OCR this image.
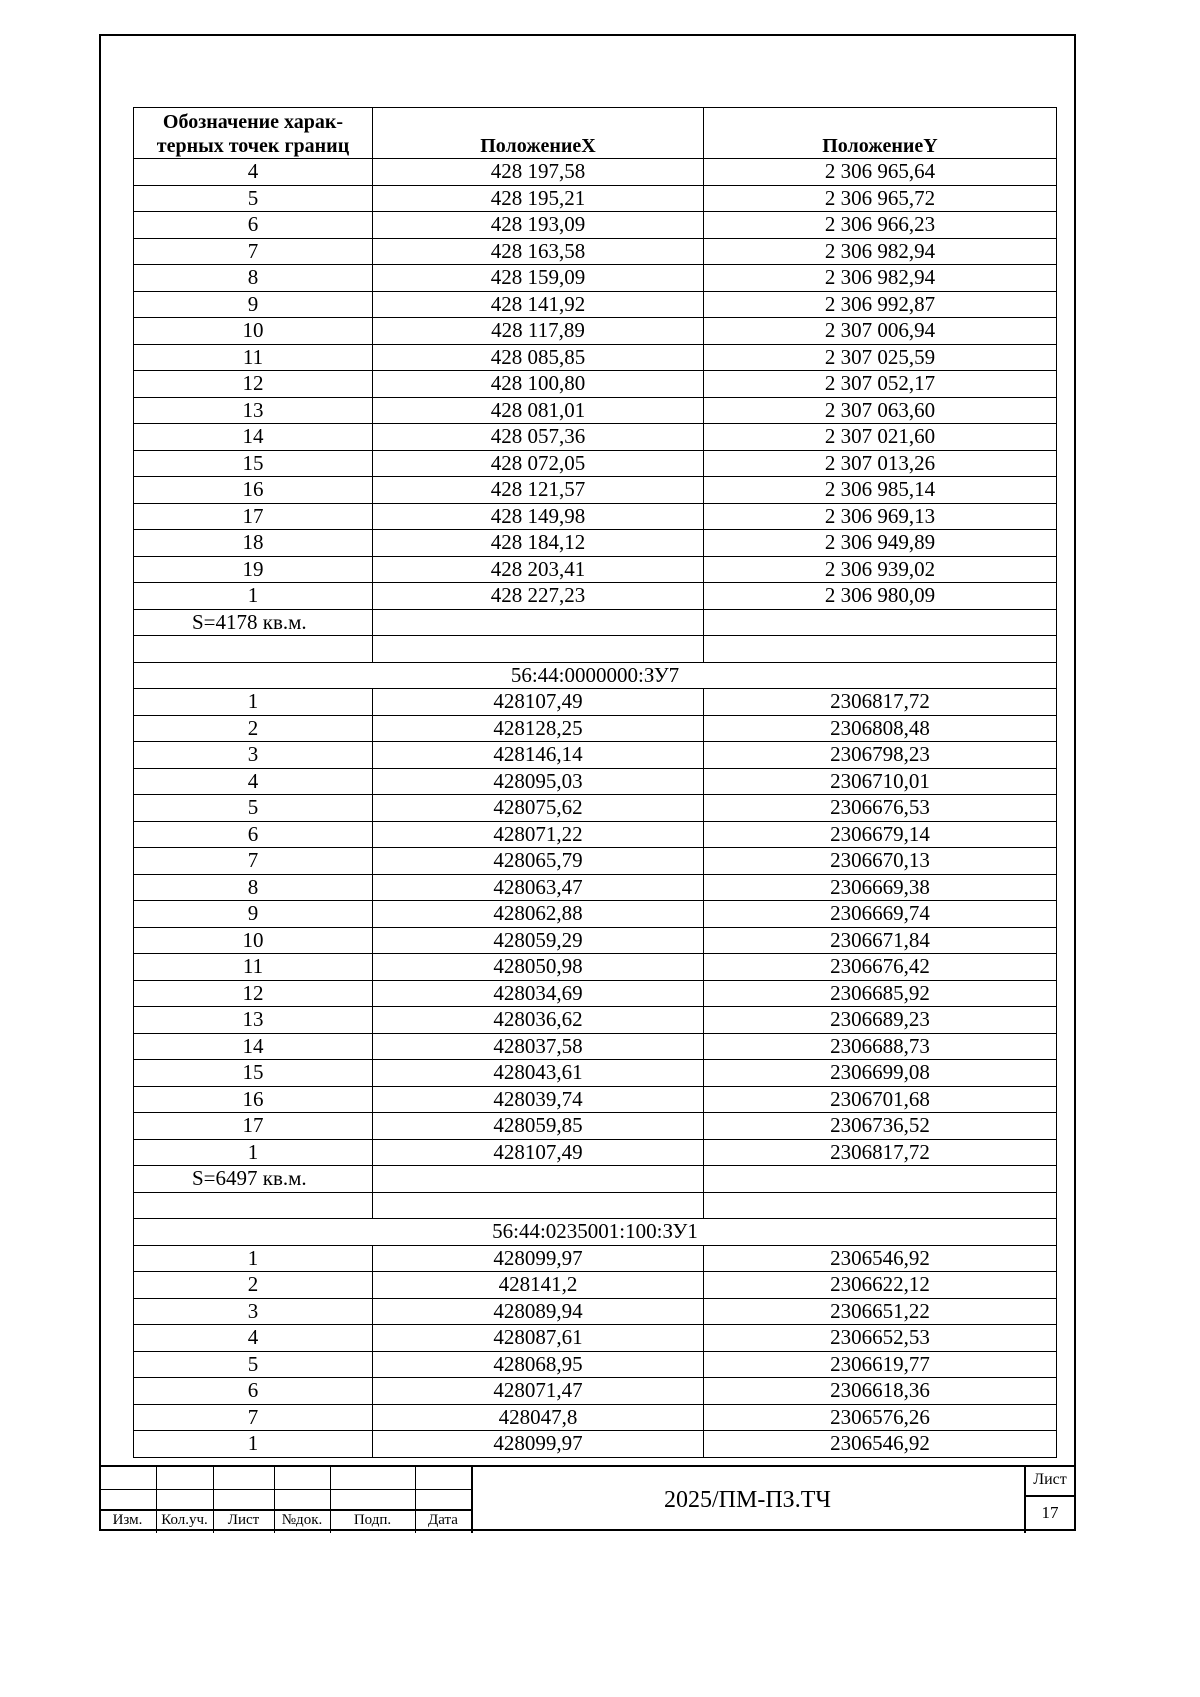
Обозначение харак-терных точек границ	ПоложениеX	ПоложениеY
4	428 197,58	2 306 965,64
5	428 195,21	2 306 965,72
6	428 193,09	2 306 966,23
7	428 163,58	2 306 982,94
8	428 159,09	2 306 982,94
9	428 141,92	2 306 992,87
10	428 117,89	2 307 006,94
11	428 085,85	2 307 025,59
12	428 100,80	2 307 052,17
13	428 081,01	2 307 063,60
14	428 057,36	2 307 021,60
15	428 072,05	2 307 013,26
16	428 121,57	2 306 985,14
17	428 149,98	2 306 969,13
18	428 184,12	2 306 949,89
19	428 203,41	2 306 939,02
1	428 227,23	2 306 980,09
S=4178 кв.м.		

56:44:0000000:ЗУ7		
1	428107,49	2306817,72
2	428128,25	2306808,48
3	428146,14	2306798,23
4	428095,03	2306710,01
5	428075,62	2306676,53
6	428071,22	2306679,14
7	428065,79	2306670,13
8	428063,47	2306669,38
9	428062,88	2306669,74
10	428059,29	2306671,84
11	428050,98	2306676,42
12	428034,69	2306685,92
13	428036,62	2306689,23
14	428037,58	2306688,73
15	428043,61	2306699,08
16	428039,74	2306701,68
17	428059,85	2306736,52
1	428107,49	2306817,72
S=6497 кв.м.		

56:44:0235001:100:ЗУ1		
1	428099,97	2306546,92
2	428141,2	2306622,12
3	428089,94	2306651,22
4	428087,61	2306652,53
5	428068,95	2306619,77
6	428071,47	2306618,36
7	428047,8	2306576,26
1	428099,97	2306546,92
Изм.	Кол.уч.	Лист	№док.	Подп.	Дата
2025/ПМ-ПЗ.ТЧ
Лист
17
